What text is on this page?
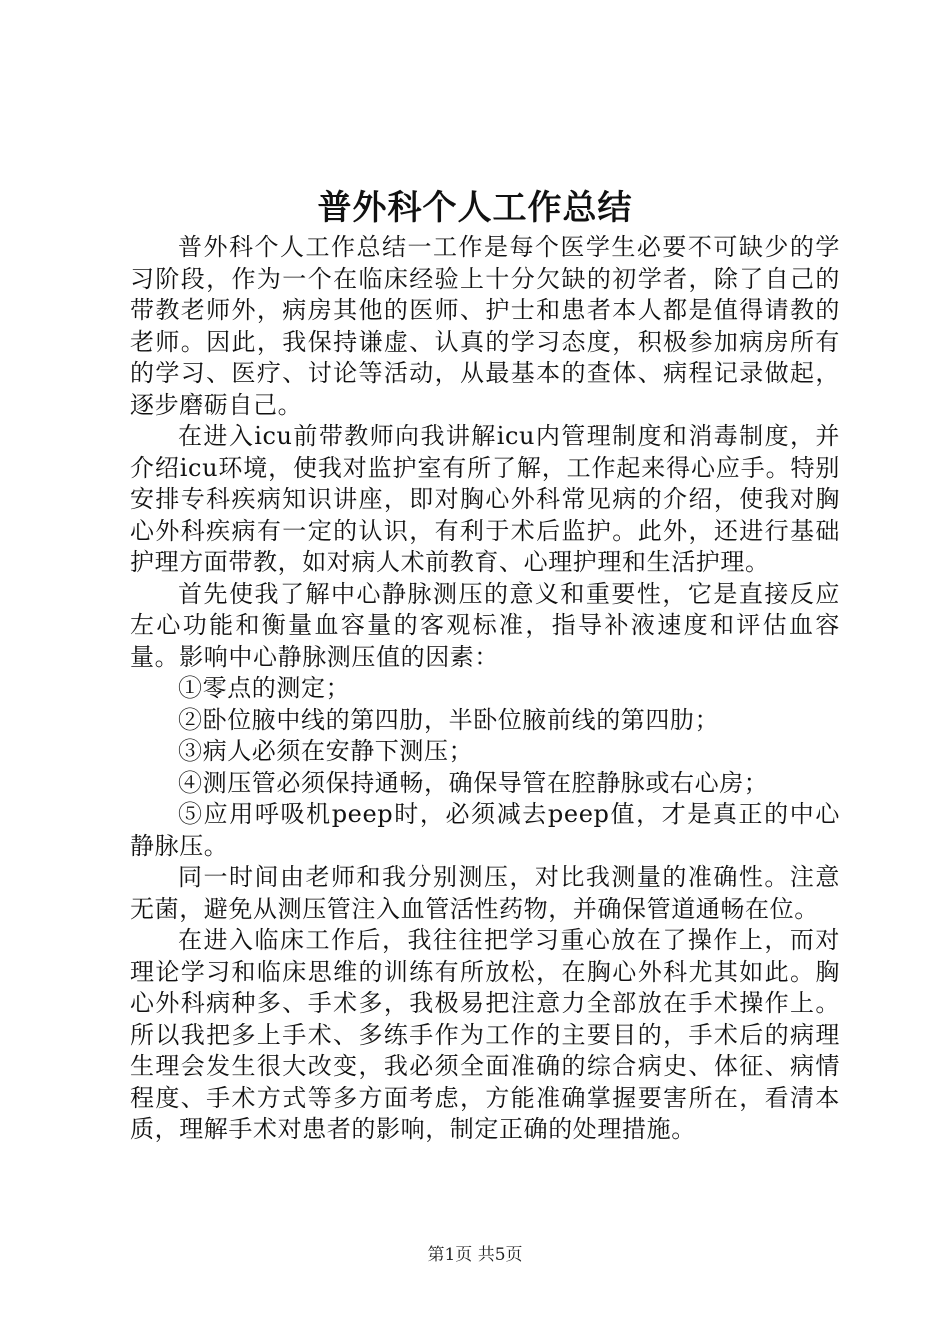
普外科个人工作总结

普外科个人工作总结一工作是每个医学生必要不可缺少的学习阶段，作为一个在临床经验上十分欠缺的初学者，除了自己的带教老师外，病房其他的医师、护士和患者本人都是值得请教的老师。因此，我保持谦虚、认真的学习态度，积极参加病房所有的学习、医疗、讨论等活动，从最基本的查体、病程记录做起，逐步磨砺自己。

在进入icu前带教师向我讲解icu内管理制度和消毒制度，并介绍icu环境，使我对监护室有所了解，工作起来得心应手。特别安排专科疾病知识讲座，即对胸心外科常见病的介绍，使我对胸心外科疾病有一定的认识，有利于术后监护。此外，还进行基础护理方面带教，如对病人术前教育、心理护理和生活护理。

首先使我了解中心静脉测压的意义和重要性，它是直接反应左心功能和衡量血容量的客观标准，指导补液速度和评估血容量。影响中心静脉测压值的因素：

①零点的测定；

②卧位腋中线的第四肋，半卧位腋前线的第四肋；

③病人必须在安静下测压；

④测压管必须保持通畅，确保导管在腔静脉或右心房；

⑤应用呼吸机peep时，必须减去peep值，才是真正的中心静脉压。

同一时间由老师和我分别测压，对比我测量的准确性。注意无菌，避免从测压管注入血管活性药物，并确保管道通畅在位。

在进入临床工作后，我往往把学习重心放在了操作上，而对理论学习和临床思维的训练有所放松，在胸心外科尤其如此。胸心外科病种多、手术多，我极易把注意力全部放在手术操作上。所以我把多上手术、多练手作为工作的主要目的，手术后的病理生理会发生很大改变，我必须全面准确的综合病史、体征、病情程度、手术方式等多方面考虑，方能准确掌握要害所在，看清本质，理解手术对患者的影响，制定正确的处理措施。

第1页 共5页
